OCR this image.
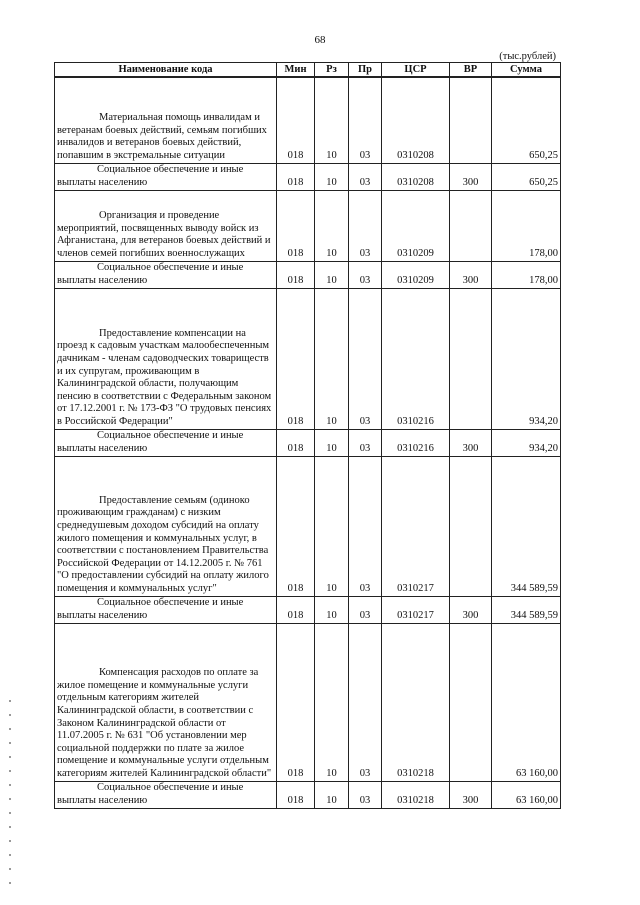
68
(тыс.рублей)
Наименование кода	Мин	Рз	Пр	ЦСР	ВР	Сумма
Материальная помощь инвалидам и ветеранам боевых действий, семьям погибших инвалидов и ветеранов боевых действий, попавшим в экстремальные ситуации	018	10	03	0310208		650,25
Социальное обеспечение и иные выплаты населению	018	10	03	0310208	300	650,25
Организация и проведение мероприятий, посвященных выводу войск из Афганистана, для ветеранов боевых действий и членов семей погибших военнослужащих	018	10	03	0310209		178,00
Социальное обеспечение и иные выплаты населению	018	10	03	0310209	300	178,00
Предоставление компенсации на проезд к садовым участкам малообеспеченным дачникам - членам садоводческих товариществ и их супругам, проживающим в Калининградской области, получающим пенсию в соответствии с Федеральным законом от 17.12.2001 г. № 173-ФЗ "О трудовых пенсиях в Российской Федерации"	018	10	03	0310216		934,20
Социальное обеспечение и иные выплаты населению	018	10	03	0310216	300	934,20
Предоставление семьям (одиноко проживающим гражданам) с низким среднедушевым доходом субсидий на оплату жилого помещения и коммунальных услуг, в соответствии с постановлением Правительства Российской Федерации от 14.12.2005 г. № 761 "О предоставлении субсидий на оплату жилого помещения и коммунальных услуг"	018	10	03	0310217		344 589,59
Социальное обеспечение и иные выплаты населению	018	10	03	0310217	300	344 589,59
Компенсация расходов по оплате за жилое помещение и коммунальные услуги отдельным категориям жителей Калининградской области, в соответствии с Законом Калининградской области от 11.07.2005 г. № 631 "Об установлении мер социальной поддержки по плате за жилое помещение и коммунальные услуги отдельным категориям жителей Калининградской области"	018	10	03	0310218		63 160,00
Социальное обеспечение и иные выплаты населению	018	10	03	0310218	300	63 160,00
